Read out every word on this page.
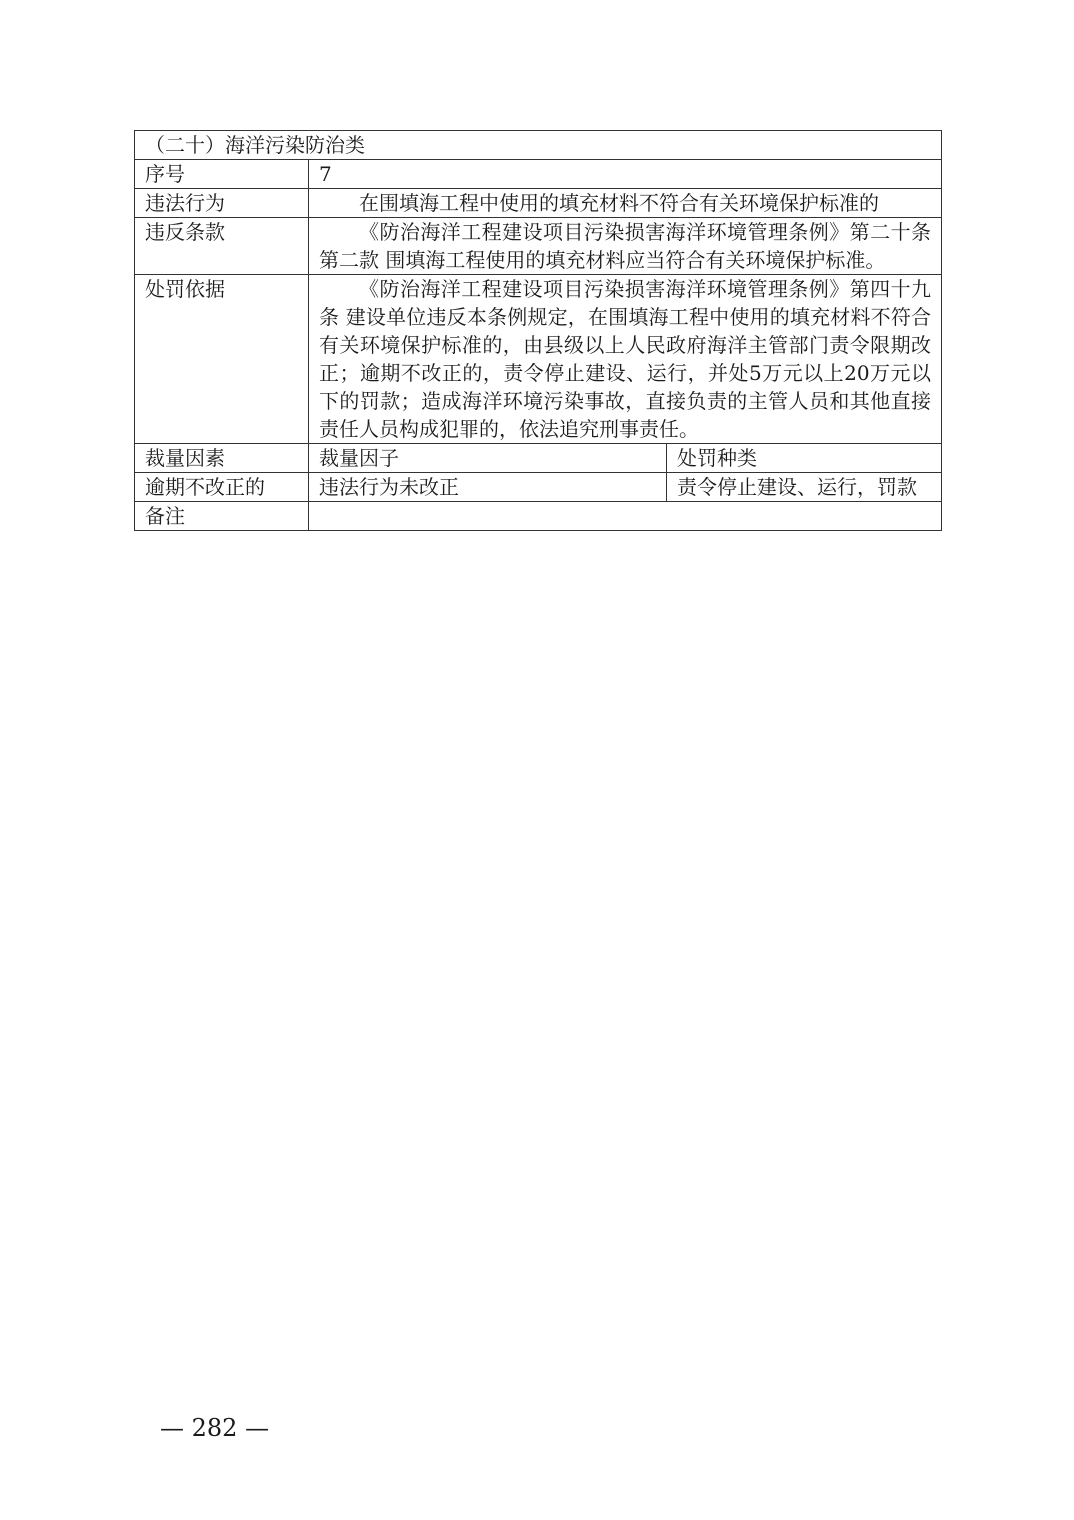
（二十）海洋污染防治类		
序号	7	
违法行为	在围填海工程中使用的填充材料不符合有关环境保护标准的	

违反条款	《防治海洋工程建设项目污染损害海洋环境管理条例》第二十条第二款 围填海工程使用的填充材料应当符合有关环境保护标准。	

处罚依据	《防治海洋工程建设项目污染损害海洋环境管理条例》第四十九条 建设单位违反本条例规定，在围填海工程中使用的填充材料不符合有关环境保护标准的，由县级以上人民政府海洋主管部门责令限期改正；逾期不改正的，责令停止建设、运行，并处5万元以上20万元以下的罚款；造成海洋环境污染事故，直接负责的主管人员和其他直接责任人员构成犯罪的，依法追究刑事责任。	

裁量因素	裁量因子	处罚种类
逾期不改正的	违法行为未改正	责令停止建设、运行，罚款
备注		
— 282 —
